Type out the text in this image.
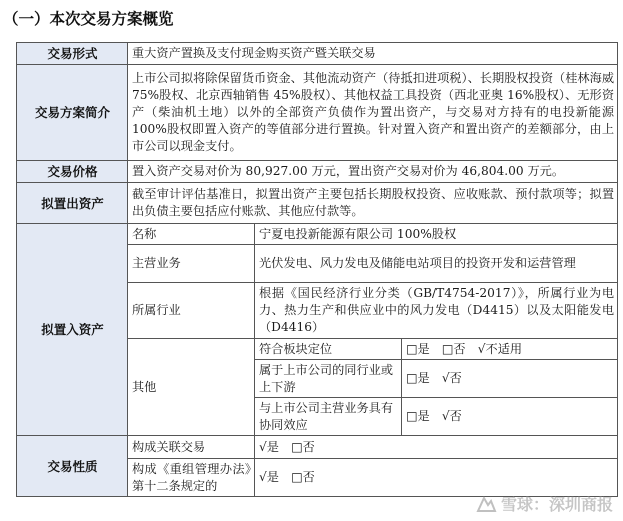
（一）本次交易方案概览
交易形式	重大资产置换及支付现金购买资产暨关联交易		
交易方案简介	上市公司拟将除保留货币资金、其他流动资产（待抵扣进项税）、长期股权投资（桂林海威 75%股权、北京西轴销售 45%股权）、其他权益工具投资（西北亚奥 16%股权）、无形资产（柴油机土地）以外的全部资产负债作为置出资产，与交易对方持有的电投新能源 100%股权即置入资产的等值部分进行置换。针对置入资产和置出资产的差额部分，由上市公司以现金支付。		
交易价格	置入资产交易对价为 80,927.00 万元，置出资产交易对价为 46,804.00 万元。		
拟置出资产	截至审计评估基准日，拟置出资产主要包括长期股权投资、应收账款、预付款项等；拟置出负债主要包括应付账款、其他应付款等。		
拟置入资产	名称	宁夏电投新能源有限公司 100%股权	
	主营业务	光伏发电、风力发电及储能电站项目的投资开发和运营管理	
	所属行业	根据《国民经济行业分类（GB/T4754-2017）》，所属行业为电力、热力生产和供应业中的风力发电（D4415）以及太阳能发电（D4416）	
	其他	符合板块定位	□是　□否　√不适用
		属于上市公司的同行业或上下游	□是　√否
		与上市公司主营业务具有协同效应	□是　√否
交易性质	构成关联交易	√是　□否	
	构成《重组管理办法》第十二条规定的	√是　□否	
雪球：深圳商报
